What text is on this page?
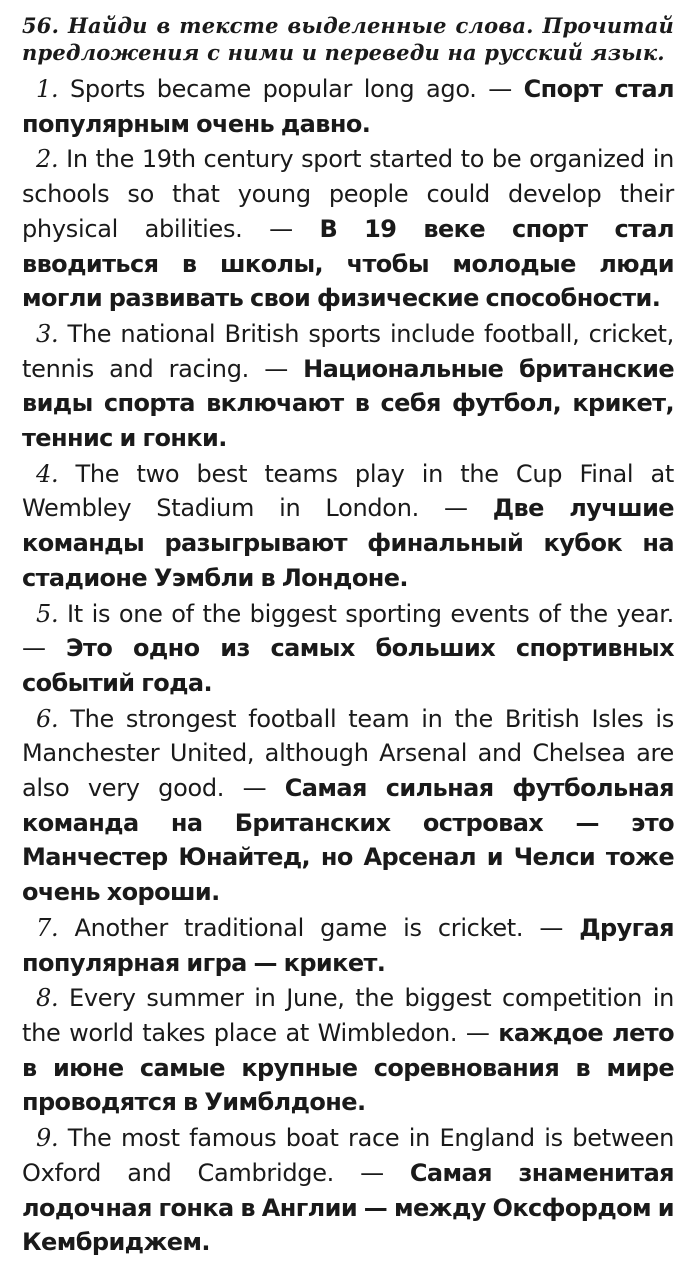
56. Найди в тексте выделенные слова. Прочитай предложения с ними и переведи на русский язык.

1. Sports became popular long ago. — Спорт стал популярным очень давно.

2. In the 19th century sport started to be organized in schools so that young people could develop their physical abilities. — В 19 веке спорт стал вводиться в школы, чтобы молодые люди могли развивать свои физические способности.

3. The national British sports include football, cricket, tennis and racing. — Национальные британские виды спорта включают в себя футбол, крикет, теннис и гонки.

4. The two best teams play in the Cup Final at Wembley Stadium in London. — Две лучшие команды разыгрывают финальный кубок на стадионе Уэмбли в Лондоне.

5. It is one of the biggest sporting events of the year. — Это одно из самых больших спортивных событий года.

6. The strongest football team in the British Isles is Manchester United, although Arsenal and Chelsea are also very good. — Самая сильная футбольная команда на Британских островах — это Манчестер Юнайтед, но Арсенал и Челси тоже очень хороши.

7. Another traditional game is cricket. — Другая популярная игра — крикет.

8. Every summer in June, the biggest competition in the world takes place at Wimbledon. — каждое лето в июне самые крупные соревнования в мире проводятся в Уимблдоне.

9. The most famous boat race in England is between Oxford and Cambridge. — Самая знаменитая лодочная гонка в Англии — между Оксфордом и Кембриджем.
